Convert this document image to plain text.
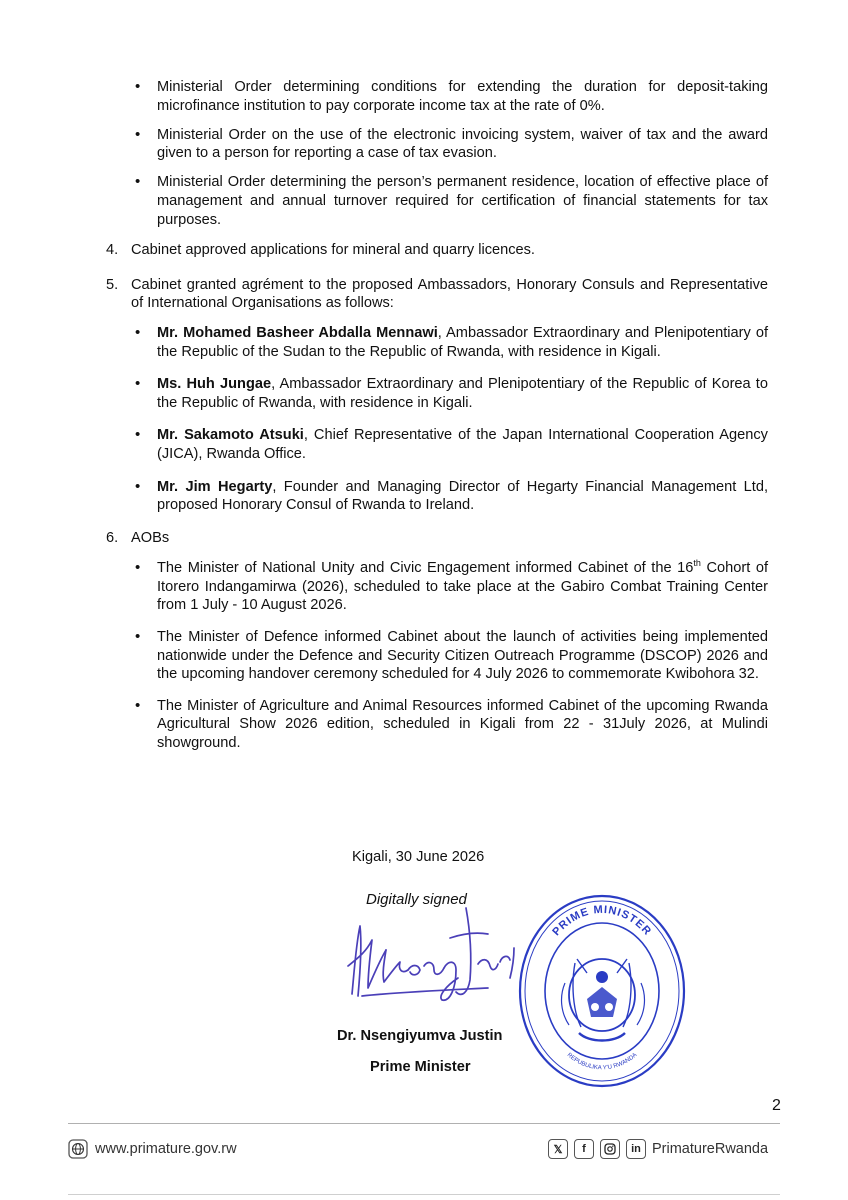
• Ministerial Order determining conditions for extending the duration for deposit-taking microfinance institution to pay corporate income tax at the rate of 0%.
• Ministerial Order on the use of the electronic invoicing system, waiver of tax and the award given to a person for reporting a case of tax evasion.
• Ministerial Order determining the person’s permanent residence, location of effective place of management and annual turnover required for certification of financial statements for tax purposes.
4. Cabinet approved applications for mineral and quarry licences.
5. Cabinet granted agrément to the proposed Ambassadors, Honorary Consuls and Representative of International Organisations as follows:
• Mr. Mohamed Basheer Abdalla Mennawi, Ambassador Extraordinary and Plenipotentiary of the Republic of the Sudan to the Republic of Rwanda, with residence in Kigali.
• Ms. Huh Jungae, Ambassador Extraordinary and Plenipotentiary of the Republic of Korea to the Republic of Rwanda, with residence in Kigali.
• Mr. Sakamoto Atsuki, Chief Representative of the Japan International Cooperation Agency (JICA), Rwanda Office.
• Mr. Jim Hegarty, Founder and Managing Director of Hegarty Financial Management Ltd, proposed Honorary Consul of Rwanda to Ireland.
6. AOBs
• The Minister of National Unity and Civic Engagement informed Cabinet of the 16th Cohort of Itorero Indangamirwa (2026), scheduled to take place at the Gabiro Combat Training Center from 1 July - 10 August 2026.
• The Minister of Defence informed Cabinet about the launch of activities being implemented nationwide under the Defence and Security Citizen Outreach Programme (DSCOP) 2026 and the upcoming handover ceremony scheduled for 4 July 2026 to commemorate Kwibohora 32.
• The Minister of Agriculture and Animal Resources informed Cabinet of the upcoming Rwanda Agricultural Show 2026 edition, scheduled in Kigali from 22 - 31July 2026, at Mulindi showground.
Kigali, 30 June 2026
Digitally signed
Dr. Nsengiyumva Justin
Prime Minister
PRIME MINISTER
REPUBULIKA Y'U RWANDA
2
www.primature.gov.rw	𝕏	f	in PrimatureRwanda
